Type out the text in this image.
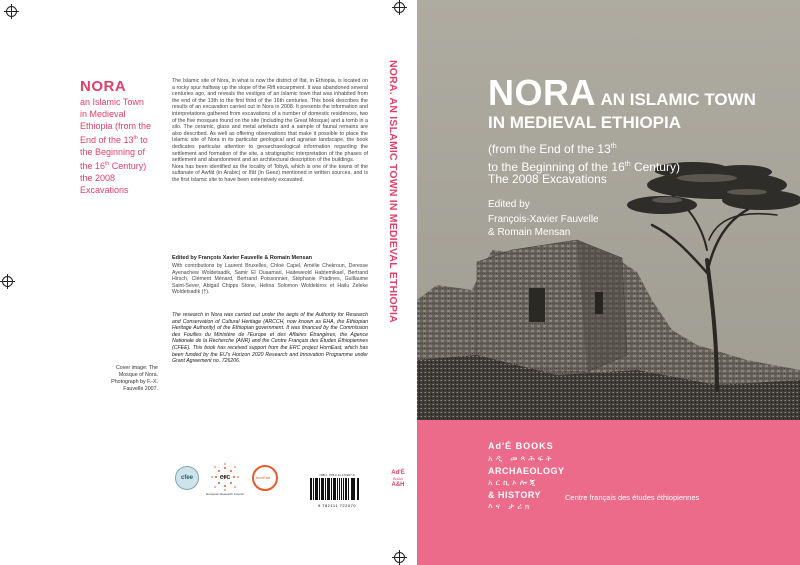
NORA
an Islamic Town in Medieval Ethiopia (from the End of the 13th to the Beginning of the 16th Century) the 2008 Excavations

The Islamic site of Nora, in what is now the district of Ifat, in Ethiopia, is located on a rocky spur halfway up the slope of the Rift escarpment. It was abandoned several centuries ago, and reveals the vestiges of an Islamic town that was inhabited from the end of the 13th to the first third of the 16th centuries. This book describes the results of an excavation carried out in Nora in 2008. It presents the information and interpretations gathered from excavations of a number of domestic residences, two of the five mosques found on the site (including the Great Mosque) and a tomb in a silo. The ceramic, glass and metal artefacts and a sample of faunal remains are also described. As well as offering observations that make it possible to place the Islamic site of Nora in its particular geological and agrarian landscape, the book dedicates particular attention to geoarchaeological information regarding the settlement and formation of the site, a stratigraphic interpretation of the phases of settlement and abandonment and an architectural description of the buildings.

Nora has been identified as the locality of Tobyā, which is one of the towns of the sultanate of Awfāt (in Arabic) or Ifāt (in Geez) mentioned in written sources, and is the first Islamic site to have been extensively excavated.

Edited by François Xavier Fauvelle & Romain Mensan
With contributions by Laurent Bruxelles, Chloé Capel, Amélie Chekroun, Deresse Ayenachew Woldetsadik, Samir El Ouaamari, Haiteweold Habtemikael, Bertrand Hirsch, Clément Ménard, Bertrand Poissonnier, Stéphanie Pradines, Guillaume Saint-Sever, Abigail Chipps Stone, Helina Solomon Woldekiros et Hailu Zeleke Woldetsadik (†).
The research in Nora was carried out under the aegis of the Authority for Research and Conservation of Cultural Heritage (ARCCH, now known as EHA, the Ethiopian Heritage Authority) of the Ethiopian government. It was financed by the Commission des Fouilles du Ministère de l'Europe et des Affaires Étrangères, the Agence Nationale de la Recherche (ANR) and the Centre Français des Études Éthiopiennes (CFEE). This book has received support from the ERC project HornEast, which has been funded by the EU's Horizon 2020 Research and Innovation Programme under Grant Agreement no. 726206.
Cover image: The Mosque of Nora. Photograph by F.-X. Fauvelle 2007.
cfee	erc
European Research Council
HornEast
ISBN : 978-2-11-172207-0
9 782111 722070
NORA. AN ISLAMIC TOWN IN MEDIEVAL ETHIOPIA
Ad'É
Books
A&H
NORA AN ISLAMIC TOWN
IN MEDIEVAL ETHIOPIA
(from the End of the 13th
to the Beginning of the 16th Century)
The 2008 Excavations
Edited by
François-Xavier Fauvelle
& Romain Mensan
Ad'É BOOKS
አዲ መጻሕፍት
ARCHAEOLOGY
አርኪኦሎጂ
& HISTORY
እና ታሪክ
Centre français des études éthiopiennes
